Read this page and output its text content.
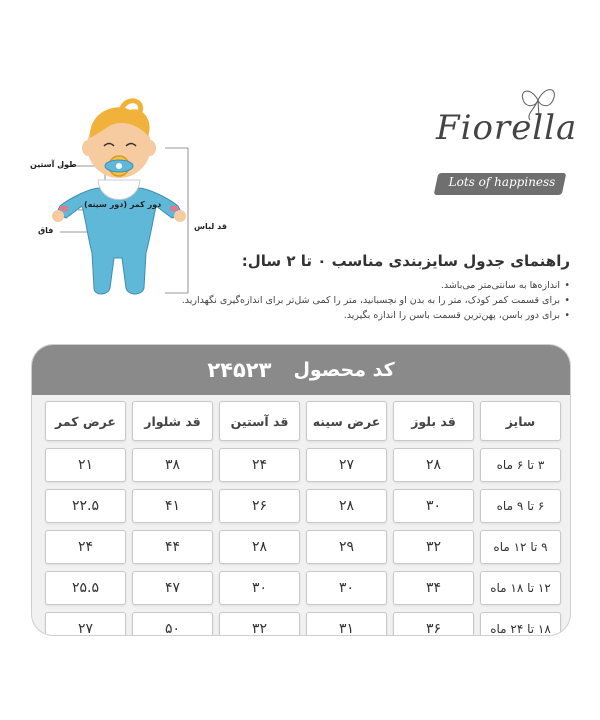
Fiorella
Lots of happiness
طول آستین
دور کمر (دور سینه)
فاق	قد لباس
راهنمای جدول سایزبندی مناسب ۰ تا ۲ سال:
• اندازه‌ها به سانتی‌متر می‌باشد.
• برای قسمت کمر کودک، متر را به بدن او نچسبانید، متر را کمی شل‌تر برای اندازه‌گیری نگهدارید.
• برای دور باسن، پهن‌ترین قسمت باسن را اندازه بگیرید.
کد محصول
۲۴۵۲۳
سایز
قد بلوز
عرض سینه
قد آستین
قد شلوار
عرض کمر
۳ تا ۶ ماه
۲۸
۲۷
۲۴
۳۸
۲۱
۶ تا ۹ ماه
۳۰
۲۸
۲۶
۴۱
۲۲.۵
۹ تا ۱۲ ماه
۳۲
۲۹
۲۸
۴۴
۲۴
۱۲ تا ۱۸ ماه
۳۴
۳۰
۳۰
۴۷
۲۵.۵
۱۸ تا ۲۴ ماه
۳۶
۳۱
۳۲
۵۰
۲۷
